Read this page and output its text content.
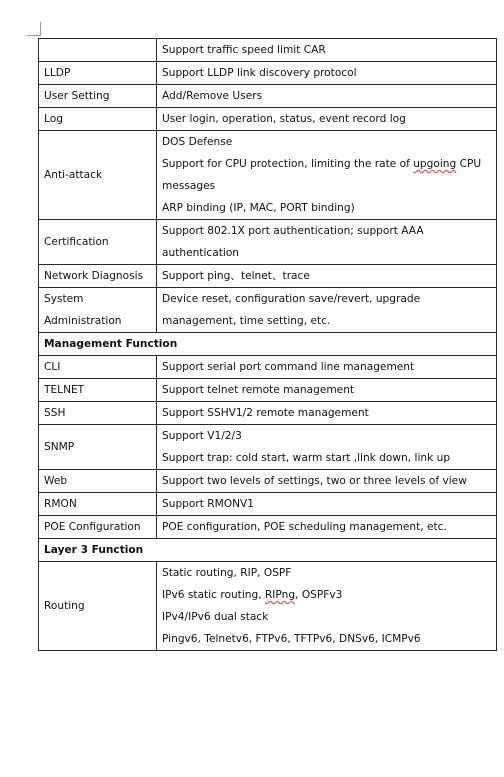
	Support traffic speed limit CAR

LLDP	Support LLDP link discovery protocol

User Setting	Add/Remove Users

Log	User login, operation, status, event record log

Anti-attack	DOS Defense
Support for CPU protection, limiting the rate of upgoing CPU messages
ARP binding (IP, MAC, PORT binding)

Certification	Support 802.1X port authentication; support AAA authentication

Network Diagnosis	Support ping、telnet、trace

System Administration	Device reset, configuration save/revert, upgrade management, time setting, etc.

Management Function	
CLI	Support serial port command line management

TELNET	Support telnet remote management

SSH	Support SSHV1/2 remote management

SNMP	Support V1/2/3
Support trap: cold start, warm start ,link down, link up

Web	Support two levels of settings, two or three levels of view

RMON	Support RMONV1

POE Configuration	POE configuration, POE scheduling management, etc.

Layer 3 Function	
Routing	Static routing, RIP, OSPF
IPv6 static routing, RIPng, OSPFv3
IPv4/IPv6 dual stack
Pingv6, Telnetv6, FTPv6, TFTPv6, DNSv6, ICMPv6
